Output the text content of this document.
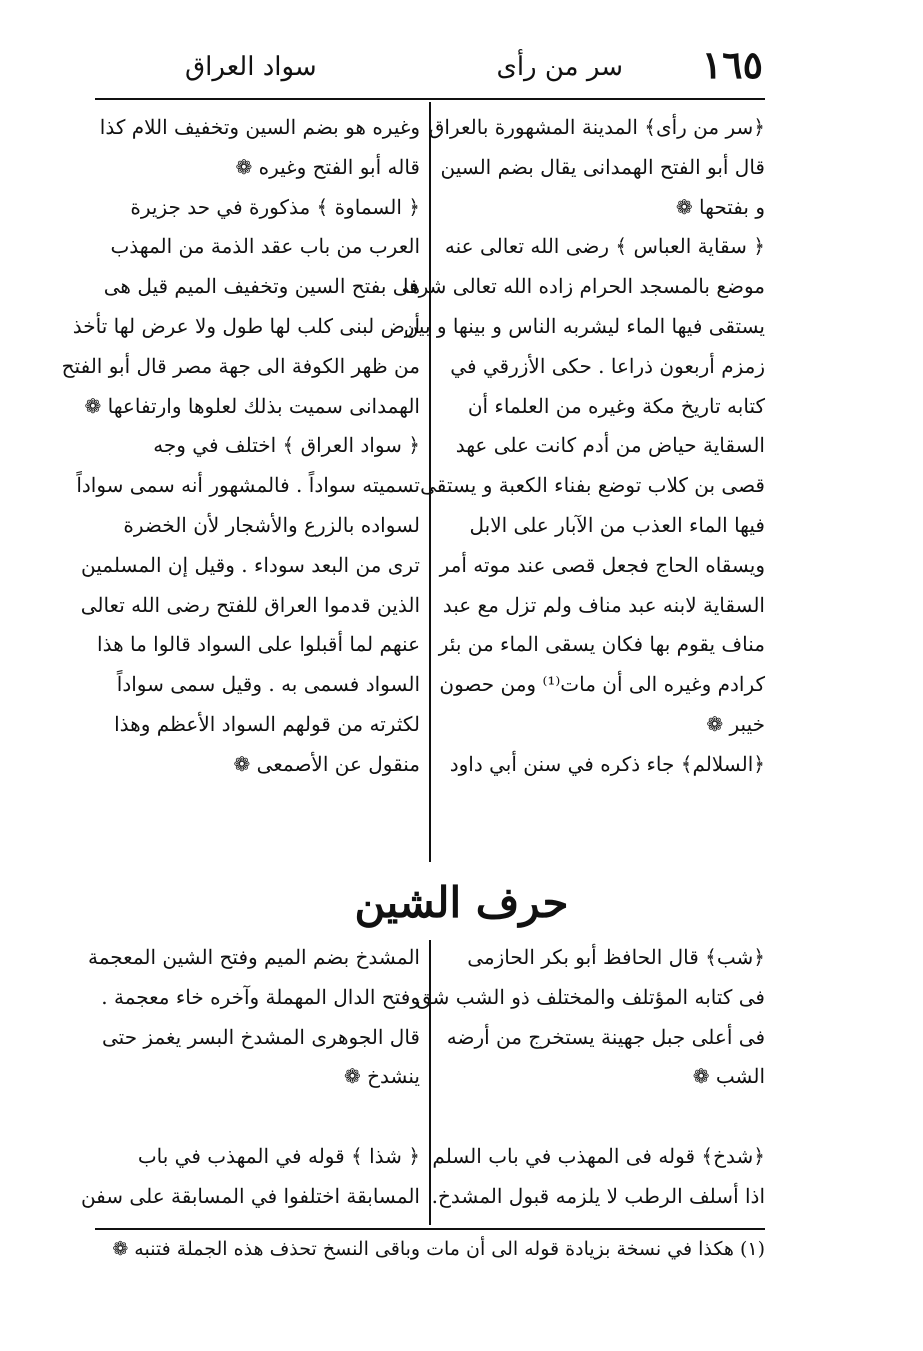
١٦٥
سر من رأى
سواد العراق
﴿سر من رأى﴾ المدينة المشهورة بالعراق
قال أبو الفتح الهمدانى يقال بضم السين
و بفتحها ❁
﴿ سقاية العباس ﴾ رضى الله تعالى عنه
موضع بالمسجد الحرام زاده الله تعالى شرفا
يستقى فيها الماء ليشربه الناس و بينها و بين
زمزم أربعون ذراعا . حكى الأزرقي في
كتابه تاريخ مكة وغيره من العلماء أن
السقاية حياض من أدم كانت على عهد
قصى بن كلاب توضع بفناء الكعبة و يستقى
فيها الماء العذب من الآبار على الابل
ويسقاه الحاج فجعل قصى عند موته أمر
السقاية لابنه عبد مناف ولم تزل مع عبد
مناف يقوم بها فكان يسقى الماء من بئر
كرادم وغيره الى أن مات⁽¹⁾ ومن حصون
خيبر ❁
﴿السلالم﴾ جاء ذكره في سنن أبي داود
وغيره هو بضم السين وتخفيف اللام كذا
قاله أبو الفتح وغيره ❁
﴿ السماوة ﴾ مذكورة في حد جزيرة
العرب من باب عقد الذمة من المهذب
هى بفتح السين وتخفيف الميم قيل هى
أرض لبنى كلب لها طول ولا عرض لها تأخذ
من ظهر الكوفة الى جهة مصر قال أبو الفتح
الهمدانى سميت بذلك لعلوها وارتفاعها ❁
﴿ سواد العراق ﴾ اختلف في وجه
تسميته سواداً . فالمشهور أنه سمى سواداً
لسواده بالزرع والأشجار لأن الخضرة
ترى من البعد سوداء . وقيل إن المسلمين
الذين قدموا العراق للفتح رضى الله تعالى
عنهم لما أقبلوا على السواد قالوا ما هذا
السواد فسمى به . وقيل سمى سواداً
لكثرته من قولهم السواد الأعظم وهذا
منقول عن الأصمعى ❁
حرف الشين
﴿شب﴾ قال الحافظ أبو بكر الحازمى
فى كتابه المؤتلف والمختلف ذو الشب شق
فى أعلى جبل جهينة يستخرج من أرضه
الشب ❁
﴿شدخ﴾ قوله فى المهذب في باب السلم
اذا أسلف الرطب لا يلزمه قبول المشدخ.
المشدخ بضم الميم وفتح الشين المعجمة
وفتح الدال المهملة وآخره خاء معجمة .
قال الجوهرى المشدخ البسر يغمز حتى
ينشدخ ❁
﴿ شذا ﴾ قوله في المهذب في باب
المسابقة اختلفوا في المسابقة على سفن
(١) هكذا في نسخة بزيادة قوله الى أن مات وباقى النسخ تحذف هذه الجملة فتنبه ❁
